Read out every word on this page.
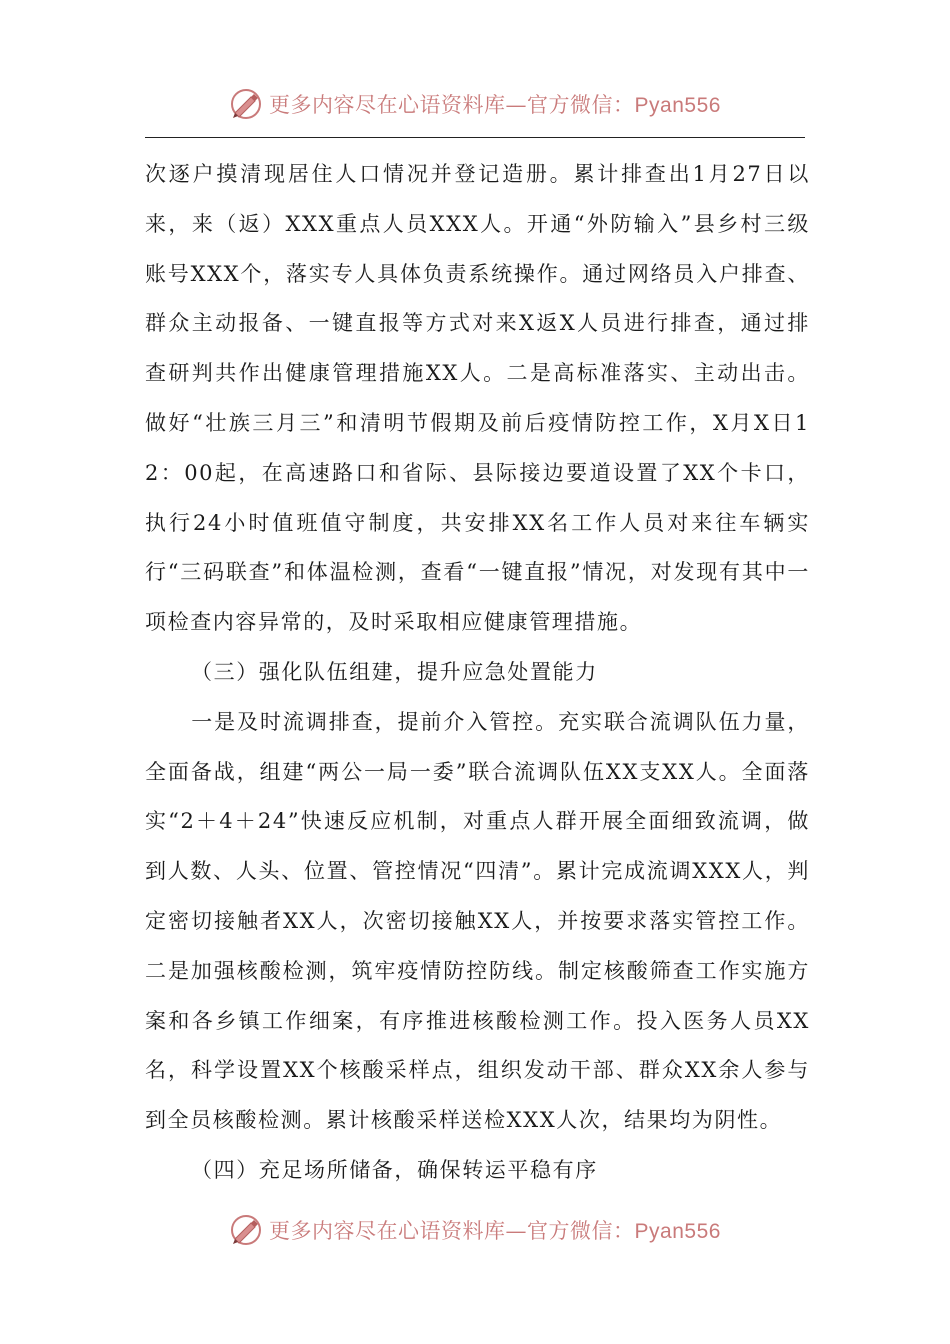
更多内容尽在心语资料库—官方微信：Pyan556

次逐户摸清现居住人口情况并登记造册。累计排查出1月27日以来，来（返）XXX重点人员XXX人。开通“外防输入”县乡村三级账号XXX个，落实专人具体负责系统操作。通过网络员入户排查、群众主动报备、一键直报等方式对来X返X人员进行排查，通过排查研判共作出健康管理措施XX人。二是高标准落实、主动出击。做好“壮族三月三”和清明节假期及前后疫情防控工作，X月X日12：00起，在高速路口和省际、县际接边要道设置了XX个卡口，执行24小时值班值守制度，共安排XX名工作人员对来往车辆实行“三码联查”和体温检测，查看“一键直报”情况，对发现有其中一项检查内容异常的，及时采取相应健康管理措施。

（三）强化队伍组建，提升应急处置能力

一是及时流调排查，提前介入管控。充实联合流调队伍力量，全面备战，组建“两公一局一委”联合流调队伍XX支XX人。全面落实“2＋4＋24”快速反应机制，对重点人群开展全面细致流调，做到人数、人头、位置、管控情况“四清”。累计完成流调XXX人，判定密切接触者XX人，次密切接触XX人，并按要求落实管控工作。二是加强核酸检测，筑牢疫情防控防线。制定核酸筛查工作实施方案和各乡镇工作细案，有序推进核酸检测工作。投入医务人员XX名，科学设置XX个核酸采样点，组织发动干部、群众XX余人参与到全员核酸检测。累计核酸采样送检XXX人次，结果均为阴性。

（四）充足场所储备，确保转运平稳有序

更多内容尽在心语资料库—官方微信：Pyan556
